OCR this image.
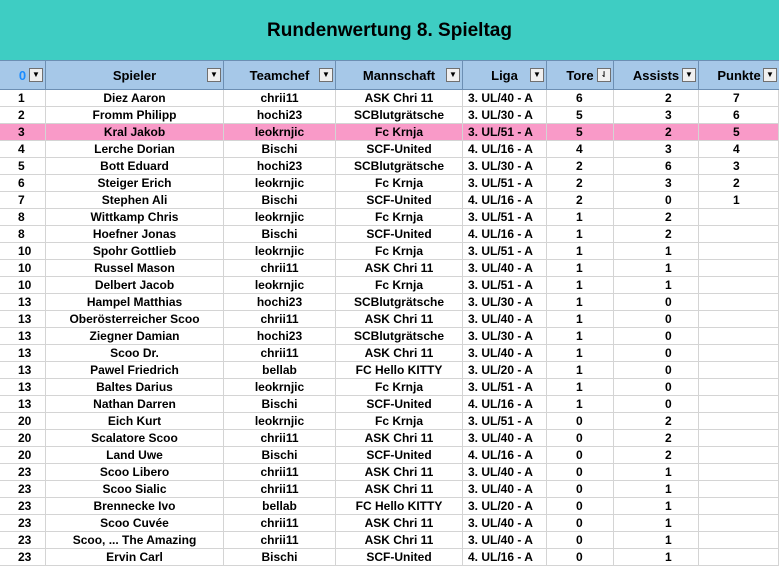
Rundenwertung 8. Spieltag
0 ▼	Spieler	▼ Teamchef	▼	Mannschaft	▼	Liga	▼ Tore ⇃ Assists ▼ Punkte ▼
1	Diez Aaron	chrii11	ASK Chri 11	3. UL/40 - A	6	2	7
2	Fromm Philipp	hochi23	SCBlutgrätsche	3. UL/30 - A	5	3	6
3	Kral Jakob	leokrnjic	Fc Krnja	3. UL/51 - A	5	2	5
4	Lerche Dorian	Bischi	SCF-United	4. UL/16 - A	4	3	4
5	Bott Eduard	hochi23	SCBlutgrätsche	3. UL/30 - A	2	6	3
6	Steiger Erich	leokrnjic	Fc Krnja	3. UL/51 - A	2	3	2
7	Stephen Ali	Bischi	SCF-United	4. UL/16 - A	2	0	1
8	Wittkamp Chris	leokrnjic	Fc Krnja	3. UL/51 - A	1	2
8	Hoefner Jonas	Bischi	SCF-United	4. UL/16 - A	1	2
10	Spohr Gottlieb	leokrnjic	Fc Krnja	3. UL/51 - A	1	1
10	Russel Mason	chrii11	ASK Chri 11	3. UL/40 - A	1	1
10	Delbert Jacob	leokrnjic	Fc Krnja	3. UL/51 - A	1	1
13	Hampel Matthias	hochi23	SCBlutgrätsche	3. UL/30 - A	1	0
13	Oberösterreicher Scoo	chrii11	ASK Chri 11	3. UL/40 - A	1	0
13	Ziegner Damian	hochi23	SCBlutgrätsche	3. UL/30 - A	1	0
13	Scoo Dr.	chrii11	ASK Chri 11	3. UL/40 - A	1	0
13	Pawel Friedrich	bellab	FC Hello KITTY	3. UL/20 - A	1	0
13	Baltes Darius	leokrnjic	Fc Krnja	3. UL/51 - A	1	0
13	Nathan Darren	Bischi	SCF-United	4. UL/16 - A	1	0
20	Eich Kurt	leokrnjic	Fc Krnja	3. UL/51 - A	0	2
20	Scalatore Scoo	chrii11	ASK Chri 11	3. UL/40 - A	0	2
20	Land Uwe	Bischi	SCF-United	4. UL/16 - A	0	2
23	Scoo Libero	chrii11	ASK Chri 11	3. UL/40 - A	0	1
23	Scoo Sialic	chrii11	ASK Chri 11	3. UL/40 - A	0	1
23	Brennecke Ivo	bellab	FC Hello KITTY	3. UL/20 - A	0	1
23	Scoo Cuvée	chrii11	ASK Chri 11	3. UL/40 - A	0	1
23	Scoo, ... The Amazing	chrii11	ASK Chri 11	3. UL/40 - A	0	1
23	Ervin Carl	Bischi	SCF-United	4. UL/16 - A	0	1
